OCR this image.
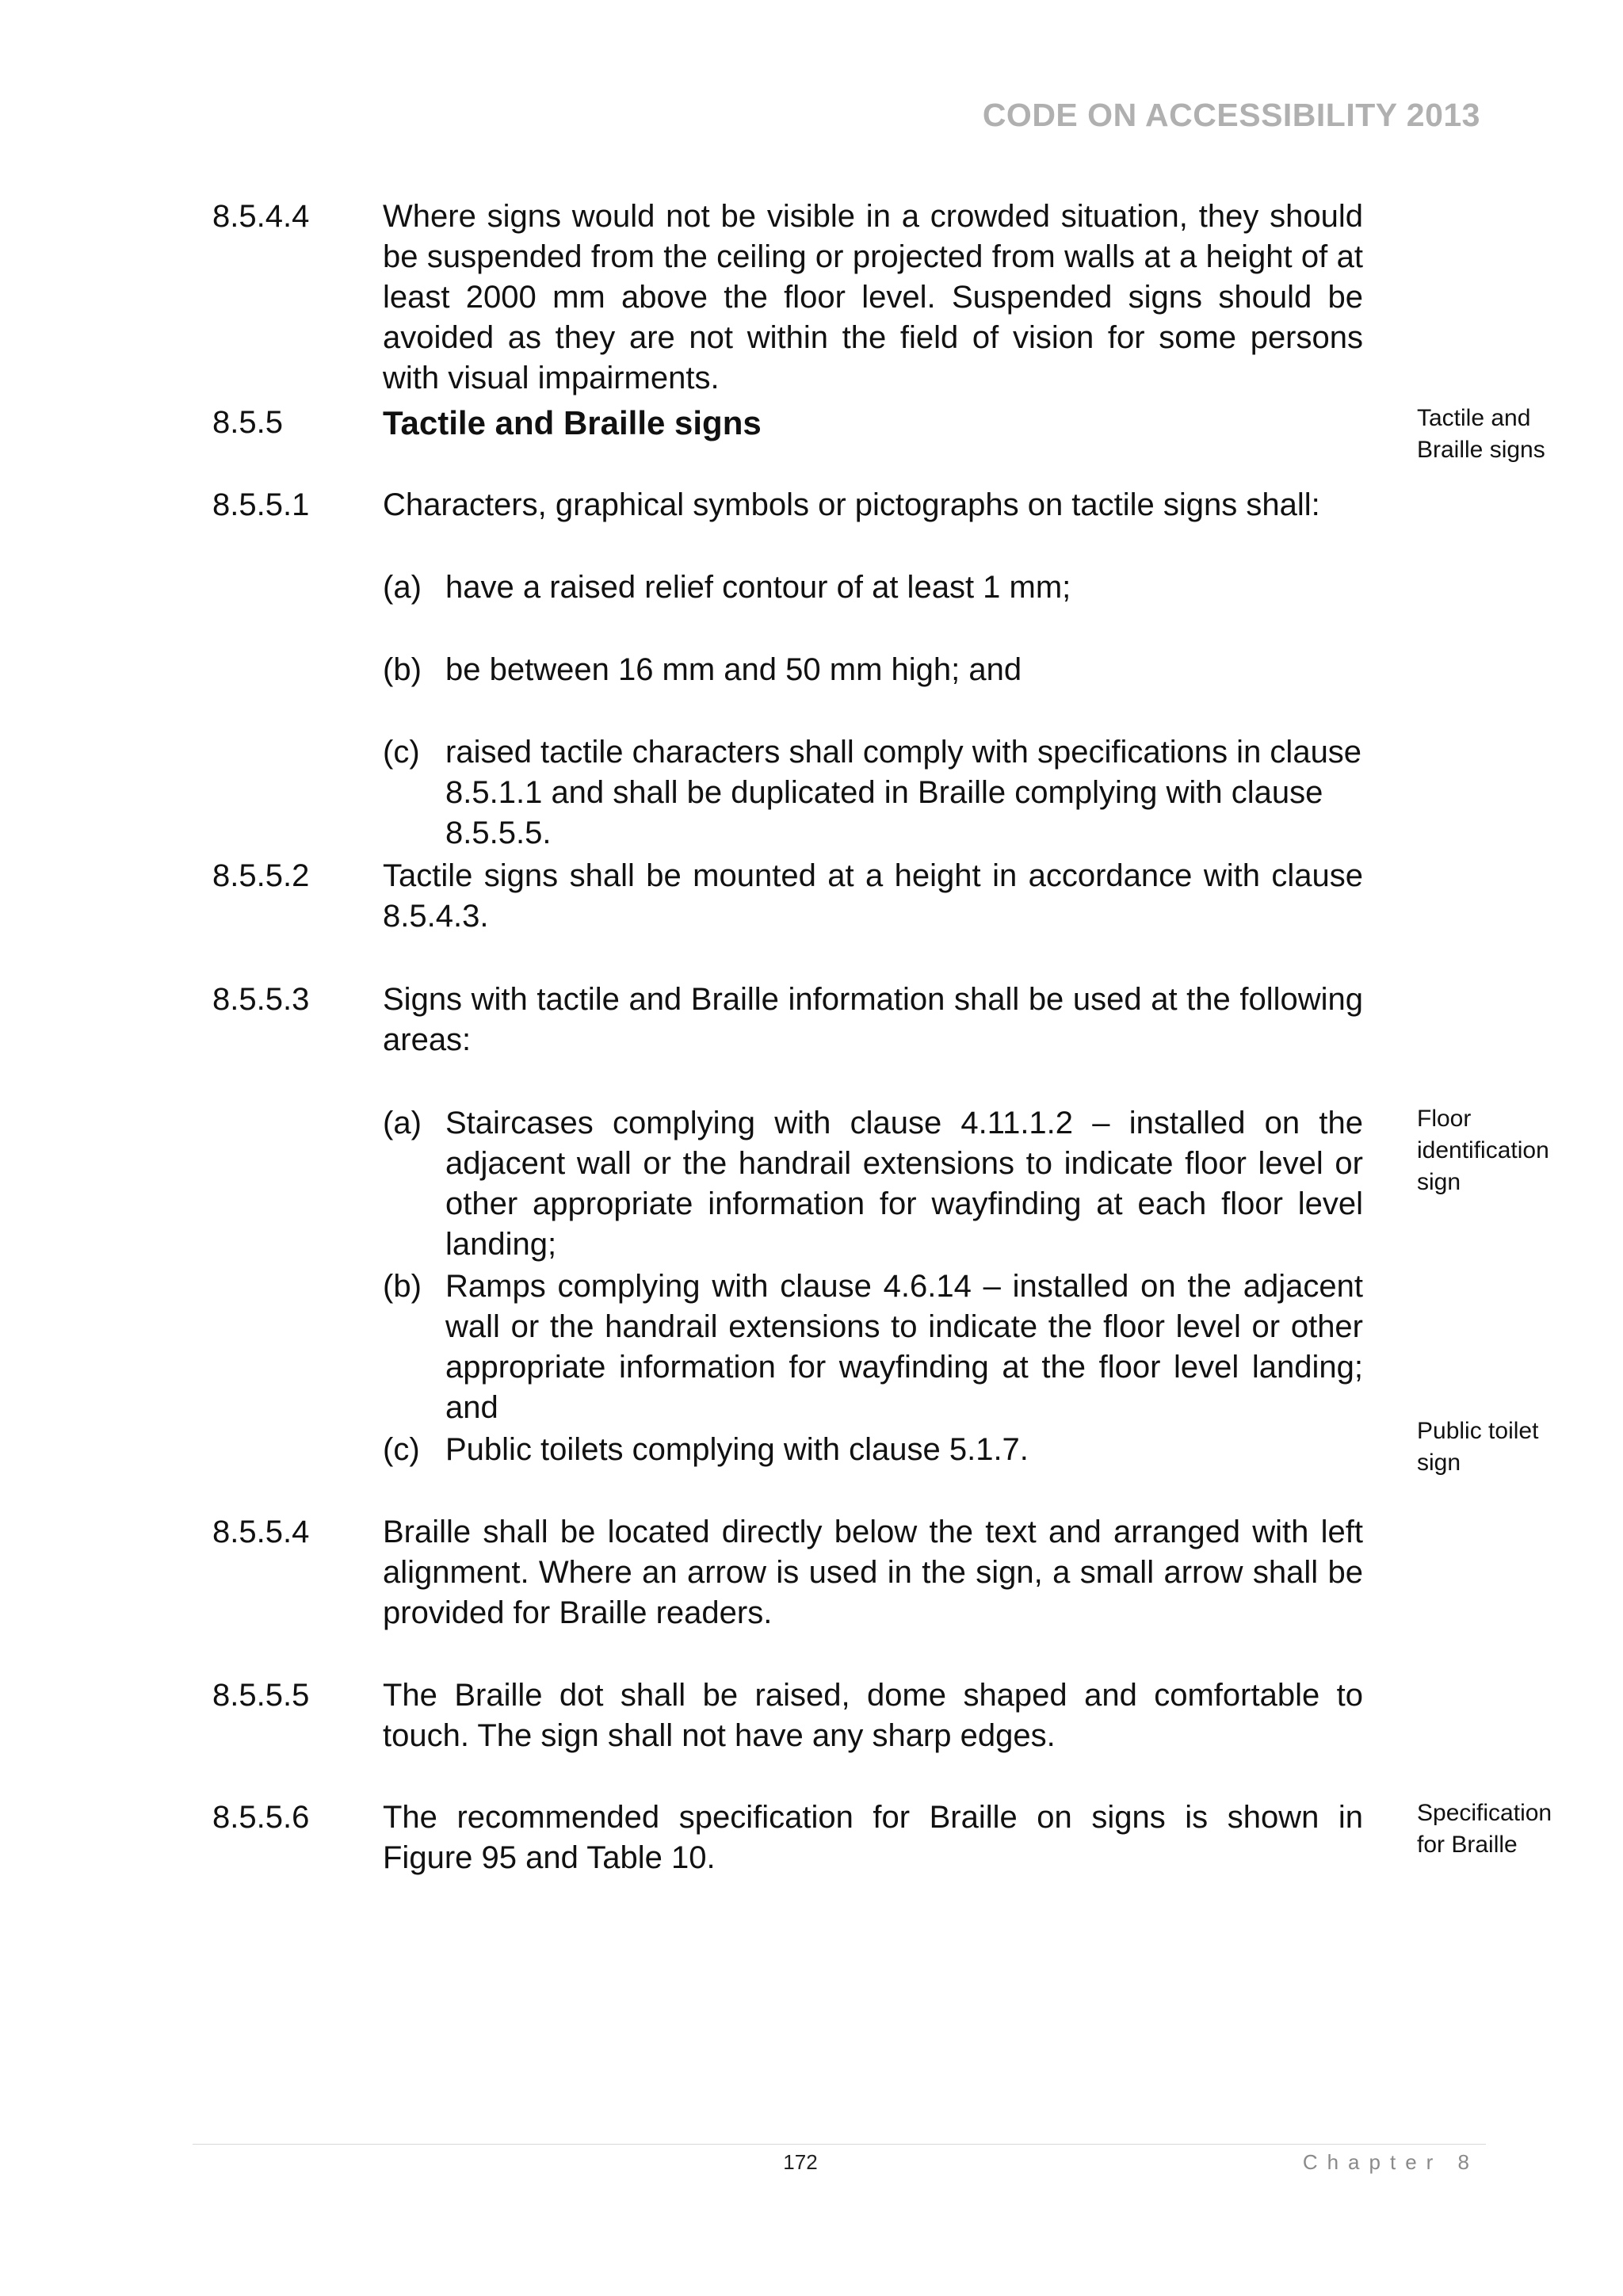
CODE ON ACCESSIBILITY 2013
8.5.4.4 Where signs would not be visible in a crowded situation, they should be suspended from the ceiling or projected from walls at a height of at least 2000 mm above the floor level. Suspended signs should be avoided as they are not within the field of vision for some persons with visual impairments.
8.5.5	Tactile and Braille signs	Tactile and Braille signs
8.5.5.1 Characters, graphical symbols or pictographs on tactile signs shall:
(a) have a raised relief contour of at least 1 mm;
(b) be between 16 mm and 50 mm high; and
(c) raised tactile characters shall comply with specifications in clause 8.5.1.1 and shall be duplicated in Braille complying with clause 8.5.5.5.
8.5.5.2 Tactile signs shall be mounted at a height in accordance with clause 8.5.4.3.
8.5.5.3 Signs with tactile and Braille information shall be used at the following areas:
(a) Staircases complying with clause 4.11.1.2 – installed on the adjacent wall or the handrail extensions to indicate floor level or other appropriate information for wayfinding at each floor level landing;
Floor identification sign
(b) Ramps complying with clause 4.6.14 – installed on the adjacent wall or the handrail extensions to indicate the floor level or other appropriate information for wayfinding at the floor level landing; and
(c) Public toilets complying with clause 5.1.7.
Public toilet sign
8.5.5.4 Braille shall be located directly below the text and arranged with left alignment. Where an arrow is used in the sign, a small arrow shall be provided for Braille readers.
8.5.5.5 The Braille dot shall be raised, dome shaped and comfortable to touch. The sign shall not have any sharp edges.
8.5.5.6 The recommended specification for Braille on signs is shown in Figure 95 and Table 10.
Specification for Braille
172	Chapter 8
